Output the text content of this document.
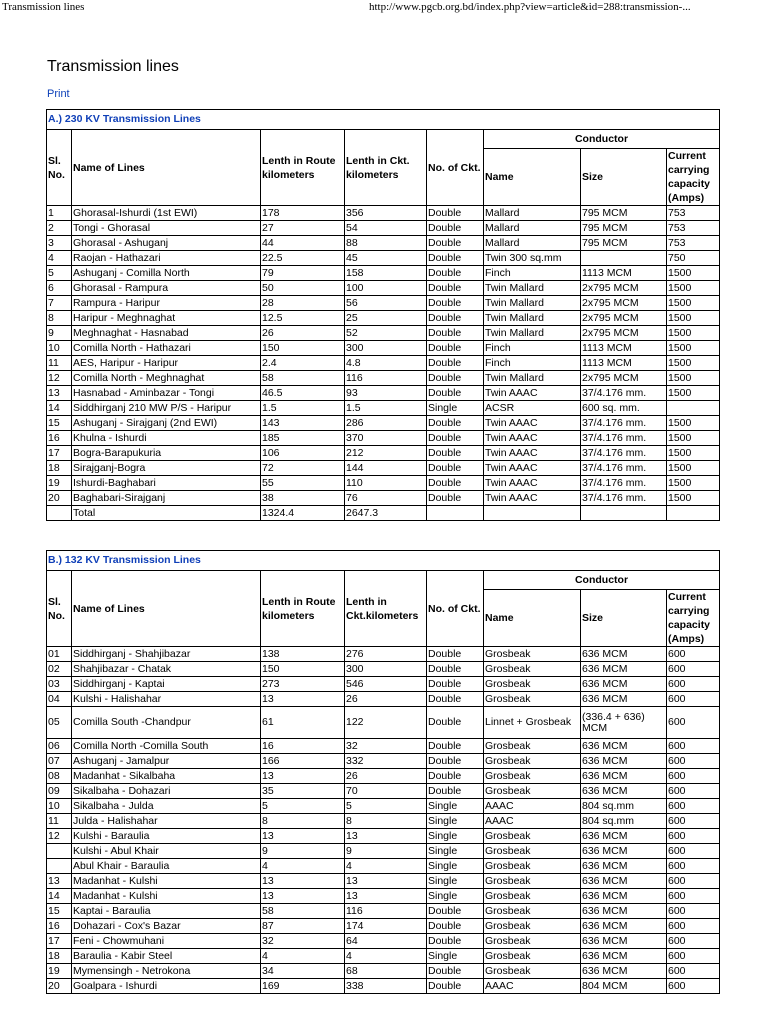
Transmission lines	http://www.pgcb.org.bd/index.php?view=article&id=288:transmission-...
Transmission lines
Print
A.) 230 KV Transmission Lines							
Sl. No.	Name of Lines	Lenth in Route kilometers	Lenth in Ckt. kilometers	No. of Ckt.	Conductor		
					Name	Size	Current carrying capacity (Amps)
1	Ghorasal-Ishurdi (1st EWI)	178	356	Double	Mallard	795 MCM	753
2	Tongi - Ghorasal	27	54	Double	Mallard	795 MCM	753
3	Ghorasal - Ashuganj	44	88	Double	Mallard	795 MCM	753
4	Raojan - Hathazari	22.5	45	Double	Twin 300 sq.mm		750
5	Ashuganj - Comilla North	79	158	Double	Finch	1113 MCM	1500
6	Ghorasal - Rampura	50	100	Double	Twin Mallard	2x795 MCM	1500
7	Rampura - Haripur	28	56	Double	Twin Mallard	2x795 MCM	1500
8	Haripur - Meghnaghat	12.5	25	Double	Twin Mallard	2x795 MCM	1500
9	Meghnaghat - Hasnabad	26	52	Double	Twin Mallard	2x795 MCM	1500
10	Comilla North - Hathazari	150	300	Double	Finch	1113 MCM	1500
11	AES, Haripur - Haripur	2.4	4.8	Double	Finch	1113 MCM	1500
12	Comilla North - Meghnaghat	58	116	Double	Twin Mallard	2x795 MCM	1500
13	Hasnabad - Aminbazar - Tongi	46.5	93	Double	Twin AAAC	37/4.176 mm.	1500
14	Siddhirganj 210 MW P/S - Haripur	1.5	1.5	Single	ACSR	600 sq. mm.	
15	Ashuganj - Sirajganj (2nd EWI)	143	286	Double	Twin AAAC	37/4.176 mm.	1500
16	Khulna - Ishurdi	185	370	Double	Twin AAAC	37/4.176 mm.	1500
17	Bogra-Barapukuria	106	212	Double	Twin AAAC	37/4.176 mm.	1500
18	Sirajganj-Bogra	72	144	Double	Twin AAAC	37/4.176 mm.	1500
19	Ishurdi-Baghabari	55	110	Double	Twin AAAC	37/4.176 mm.	1500
20	Baghabari-Sirajganj	38	76	Double	Twin AAAC	37/4.176 mm.	1500
	Total	1324.4	2647.3				
B.) 132 KV Transmission Lines							
Sl. No.	Name of Lines	Lenth in Route kilometers	Lenth in Ckt.kilometers	No. of Ckt.	Conductor		
					Name	Size	Current carrying capacity (Amps)
01	Siddhirganj - Shahjibazar	138	276	Double	Grosbeak	636 MCM	600
02	Shahjibazar - Chatak	150	300	Double	Grosbeak	636 MCM	600
03	Siddhirganj - Kaptai	273	546	Double	Grosbeak	636 MCM	600
04	Kulshi - Halishahar	13	26	Double	Grosbeak	636 MCM	600
05	Comilla South -Chandpur	61	122	Double	Linnet + Grosbeak	(336.4 + 636) MCM	600
06	Comilla North -Comilla South	16	32	Double	Grosbeak	636 MCM	600
07	Ashuganj - Jamalpur	166	332	Double	Grosbeak	636 MCM	600
08	Madanhat - Sikalbaha	13	26	Double	Grosbeak	636 MCM	600
09	Sikalbaha - Dohazari	35	70	Double	Grosbeak	636 MCM	600
10	Sikalbaha - Julda	5	5	Single	AAAC	804 sq.mm	600
11	Julda - Halishahar	8	8	Single	AAAC	804 sq.mm	600
12	Kulshi - Baraulia	13	13	Single	Grosbeak	636 MCM	600
	Kulshi - Abul Khair	9	9	Single	Grosbeak	636 MCM	600
	Abul Khair - Baraulia	4	4	Single	Grosbeak	636 MCM	600
13	Madanhat - Kulshi	13	13	Single	Grosbeak	636 MCM	600
14	Madanhat - Kulshi	13	13	Single	Grosbeak	636 MCM	600
15	Kaptai - Baraulia	58	116	Double	Grosbeak	636 MCM	600
16	Dohazari - Cox's Bazar	87	174	Double	Grosbeak	636 MCM	600
17	Feni - Chowmuhani	32	64	Double	Grosbeak	636 MCM	600
18	Baraulia - Kabir Steel	4	4	Single	Grosbeak	636 MCM	600
19	Mymensingh - Netrokona	34	68	Double	Grosbeak	636 MCM	600
20	Goalpara - Ishurdi	169	338	Double	AAAC	804 MCM	600
